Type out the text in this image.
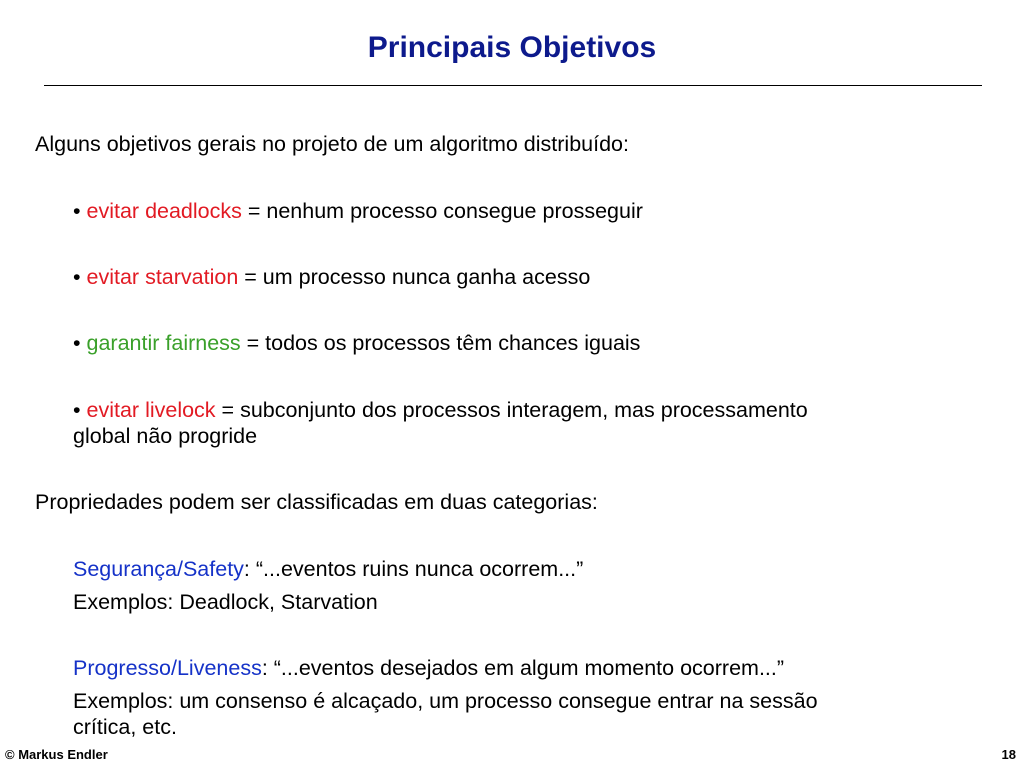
Principais Objetivos
Alguns objetivos gerais no projeto de um algoritmo distribuído:
• evitar deadlocks = nenhum processo consegue prosseguir
• evitar starvation = um processo nunca ganha acesso
• garantir fairness = todos os processos têm chances iguais
• evitar livelock = subconjunto dos processos interagem, mas processamento
global não progride
Propriedades podem ser classificadas em duas categorias:
Segurança/Safety: “...eventos ruins nunca ocorrem...”
Exemplos: Deadlock, Starvation
Progresso/Liveness: “...eventos desejados em algum momento ocorrem...”
Exemplos: um consenso é alcaçado, um processo consegue entrar na sessão
crítica, etc.
© Markus Endler	18
